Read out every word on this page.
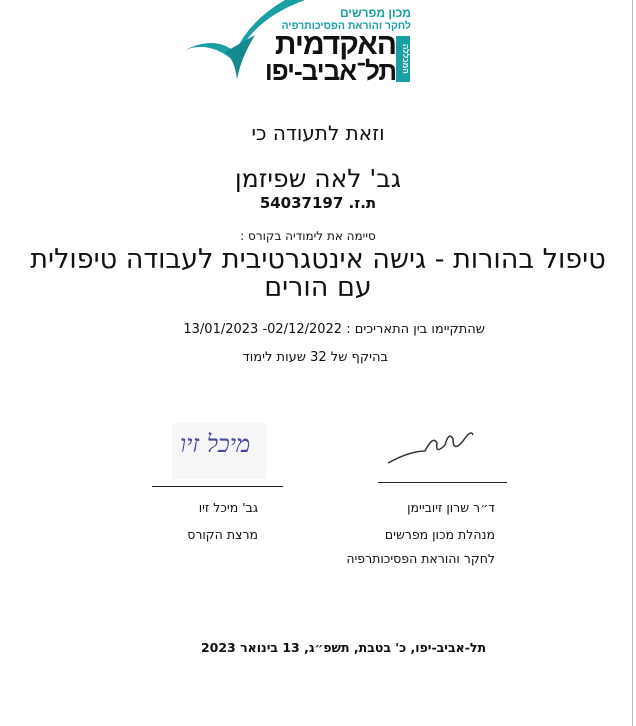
מכון מפרשים
לחקר והוראת הפסיכותרפיה
האקדמית
תל־אביב-יפו המכללה
וזאת לתעודה כי
גב' לאה שפיזמן
ת.ז. 54037197
סיימה את לימודיה בקורס :
טיפול בהורות - גישה אינטגרטיבית לעבודה טיפולית
עם הורים
שהתקיימו בין התאריכים : 02/12/2022- 13/01/2023
בהיקף של 32 שעות לימוד
מיכל זיו
גב' מיכל זיו
מרצת הקורס
ד״ר שרון זיוביימן
מנהלת מכון מפרשים
לחקר והוראת הפסיכותרפיה
תל-אביב-יפו, כ' בטבת, תשפ״ג, 13 בינואר 2023
